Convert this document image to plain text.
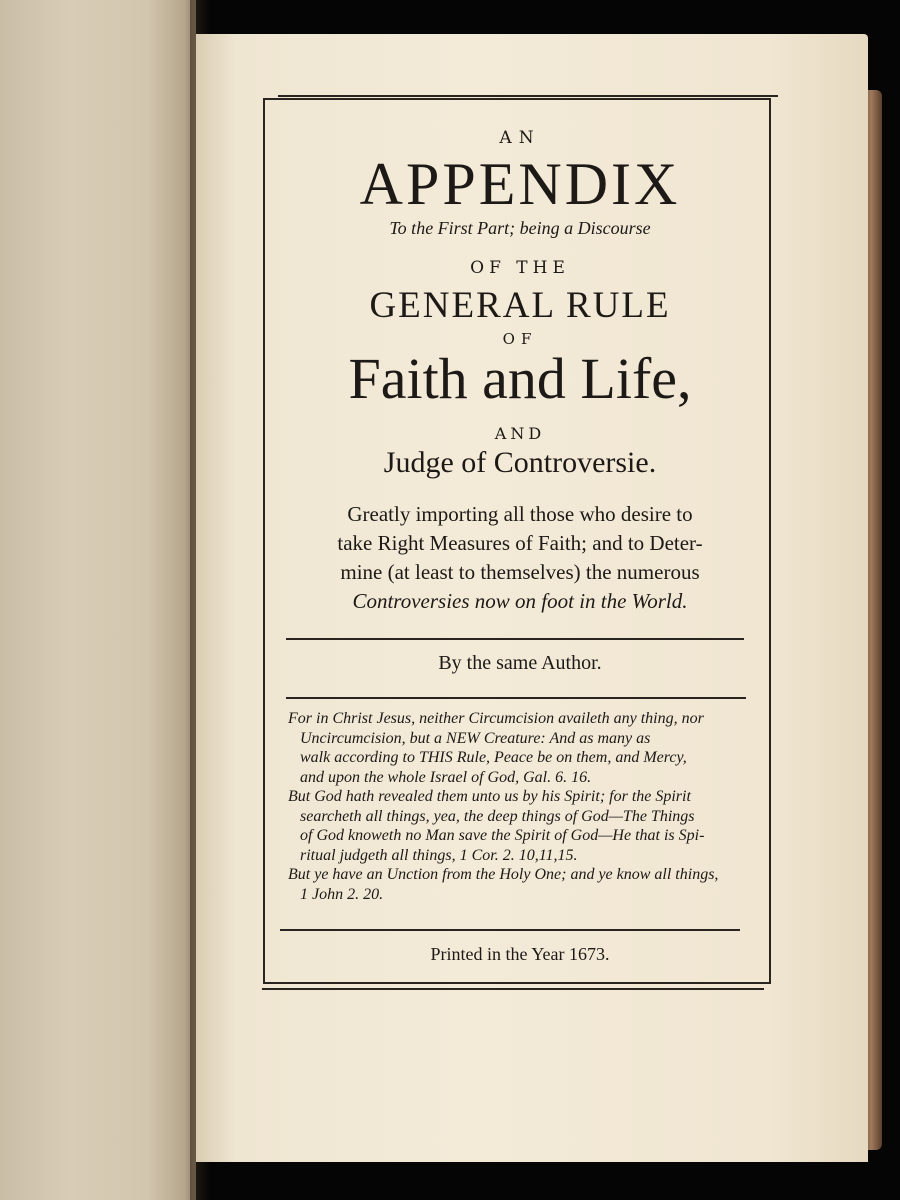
AN
APPENDIX
To the First Part; being a Discourse
OF THE
GENERAL RULE
OF
Faith and Life,
AND
Judge of Controversie.
Greatly importing all those who desire to
take Right Measures of Faith; and to Deter-
mine (at least to themselves) the numerous
Controversies now on foot in the World.
By the same Author.
For in Christ Jesus, neither Circumcision availeth any thing, nor
Uncircumcision, but a NEW Creature: And as many as
walk according to THIS Rule, Peace be on them, and Mercy,
and upon the whole Israel of God, Gal. 6. 16.
But God hath revealed them unto us by his Spirit; for the Spirit
searcheth all things, yea, the deep things of God—The Things
of God knoweth no Man save the Spirit of God—He that is Spi-
ritual judgeth all things, 1 Cor. 2. 10,11,15.
But ye have an Unction from the Holy One; and ye know all things,
1 John 2. 20.
Printed in the Year 1673.
